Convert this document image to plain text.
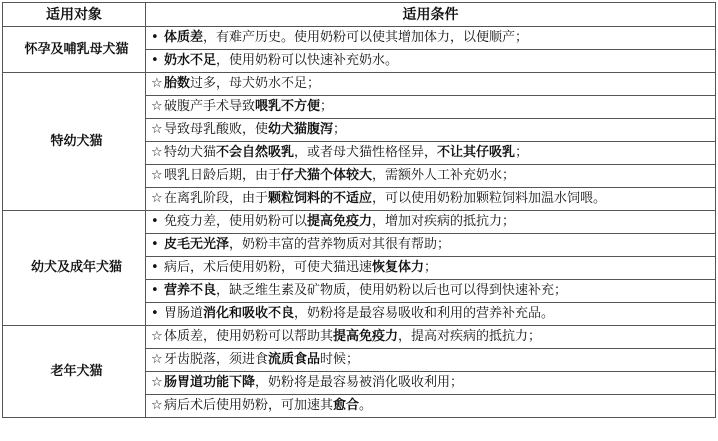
适用对象	适用条件
怀孕及哺乳母犬猫	• 体质差，有难产历史。使用奶粉可以使其增加体力，以便顺产；
	• 奶水不足，使用奶粉可以快速补充奶水。
特幼犬猫	☆胎数过多，母犬奶水不足；
	☆破腹产手术导致喂乳不方便；
	☆导致母乳酸败，使幼犬猫腹泻；
	☆特幼犬猫不会自然吸乳，或者母犬猫性格怪异，不让其仔吸乳；
	☆喂乳日龄后期，由于仔犬猫个体较大，需额外人工补充奶水；
	☆在离乳阶段，由于颗粒饲料的不适应，可以使用奶粉加颗粒饲料加温水饲喂。
幼犬及成年犬猫	• 免疫力差，使用奶粉可以提高免疫力，增加对疾病的抵抗力；
	• 皮毛无光泽，奶粉丰富的营养物质对其很有帮助；
	• 病后，术后使用奶粉，可使犬猫迅速恢复体力；
	• 营养不良，缺乏维生素及矿物质，使用奶粉以后也可以得到快速补充；
	• 胃肠道消化和吸收不良，奶粉将是最容易吸收和利用的营养补充品。
老年犬猫	☆体质差，使用奶粉可以帮助其提高免疫力，提高对疾病的抵抗力；
	☆牙齿脱落，须进食流质食品时候；
	☆肠胃道功能下降，奶粉将是最容易被消化吸收利用；
	☆病后术后使用奶粉，可加速其愈合。
